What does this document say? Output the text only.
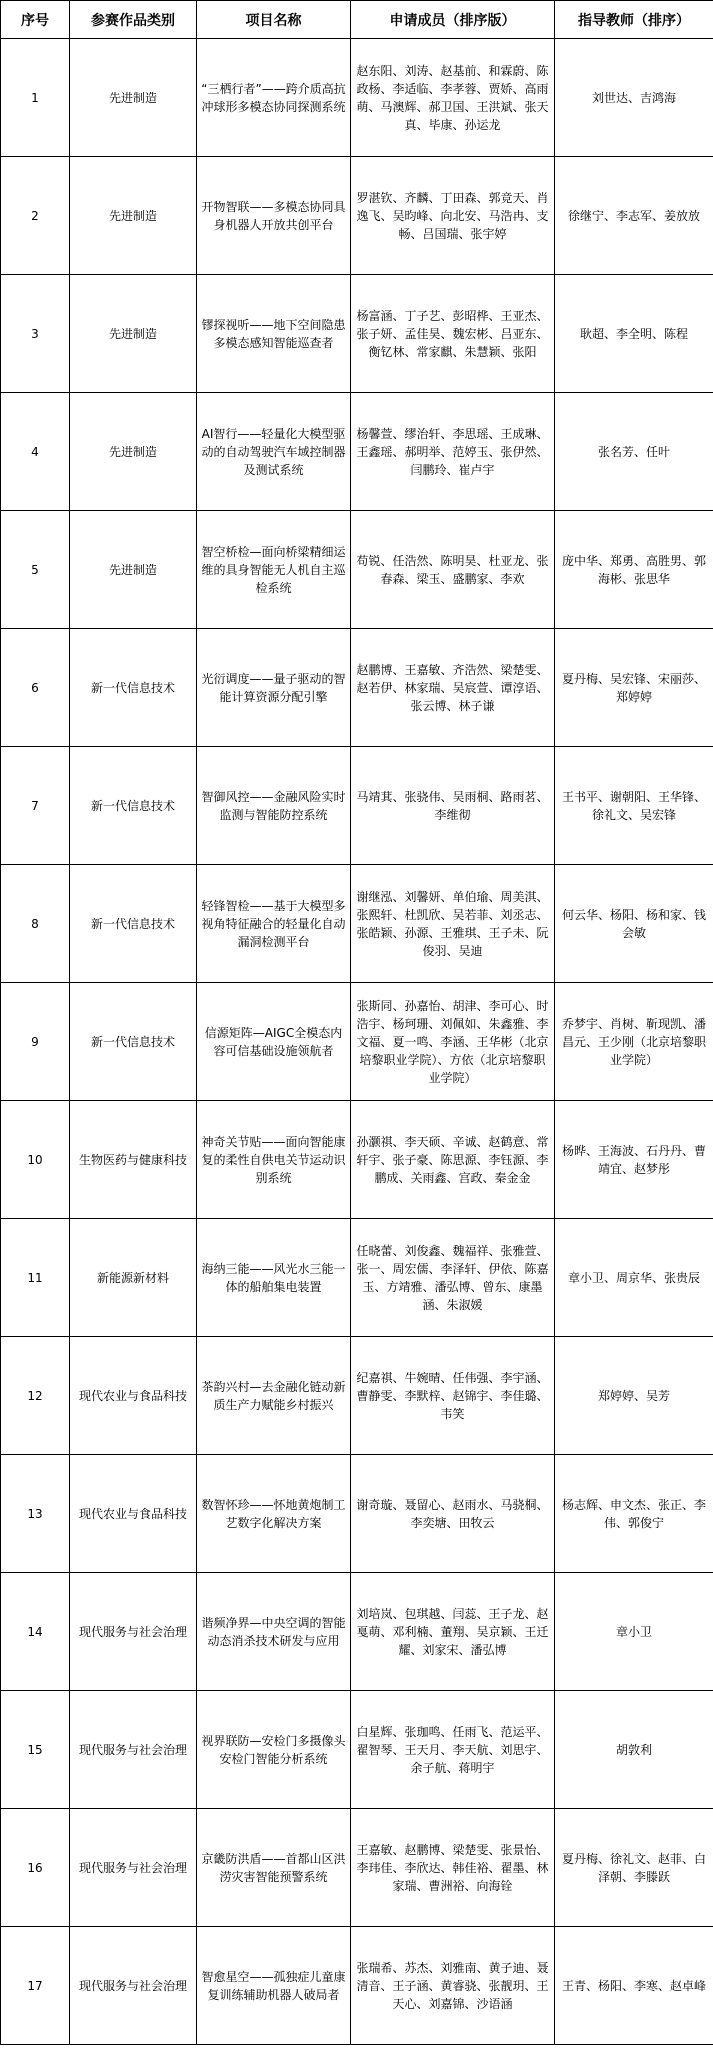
序号	参赛作品类别	项目名称	申请成员（排序版）	指导教师（排序）
1	先进制造	“三栖行者”——跨介质高抗冲球形多模态协同探测系统	赵东阳、刘涛、赵基前、和霖蔚、陈政杨、李适临、李孝蓉、贾娇、高雨萌、马澳辉、郝卫国、王洪斌、张天真、毕康、孙运龙	刘世达、吉鸿海
2	先进制造	开物智联——多模态协同具身机器人开放共创平台	罗湛钦、齐麟、丁田森、郭竞天、肖逸飞、吴昀峰、向北安、马浩冉、支畅、吕国瑞、张宇婷	徐继宁、李志军、姜放放
3	先进制造	镠探视听——地下空间隐患多模态感知智能巡查者	杨富涵、丁子艺、彭昭桦、王亚杰、张子妍、孟佳昊、魏宏彬、吕亚东、衡钇林、常家麒、朱慧颖、张阳	耿超、李全明、陈程
4	先进制造	AI智行——轻量化大模型驱动的自动驾驶汽车域控制器及测试系统	杨馨萱、缪治轩、李思瑶、王成琳、王鑫瑶、郝明举、范婷玉、张伊然、闫鹏玲、崔卢宇	张名芳、任叶
5	先进制造	智空桥检—面向桥梁精细运维的具身智能无人机自主巡检系统	苟锐、任浩然、陈明昊、杜亚龙、张春森、梁玉、盛鹏家、李欢	庞中华、郑勇、高胜男、郭海彬、张思华
6	新一代信息技术	光衍调度——量子驱动的智能计算资源分配引擎	赵鹏博、王嘉敏、齐浩然、梁楚雯、赵若伊、林家瑞、吴宸萱、谭淳语、张云博、林子谦	夏丹梅、吴宏锋、宋丽莎、郑婷婷
7	新一代信息技术	智御风控——金融风险实时监测与智能防控系统	马靖萁、张骁伟、吴雨桐、路雨茗、李维彻	王书平、谢朝阳、王华锋、徐礼文、吴宏锋
8	新一代信息技术	轻锋智检——基于大模型多视角特征融合的轻量化自动漏洞检测平台	谢继泓、刘馨妍、单伯瑜、周美淇、张熙轩、杜凯欣、吴若菲、刘丞志、张皓颖、孙源、王雅琪、王子未、阮俊羽、吴迪	何云华、杨阳、杨和家、钱会敏
9	新一代信息技术	信源矩阵—AIGC全模态内容可信基础设施领航者	张斯同、孙嘉怡、胡津、李可心、时浩宇、杨珂珊、刘佩如、朱鑫雅、李文福、夏一鸣、李涵、王华彬（北京培黎职业学院）、方依（北京培黎职业学院）	乔梦宇、肖树、靳现凯、潘昌元、王少刚（北京培黎职业学院）
10	生物医药与健康科技	神奇关节贴——面向智能康复的柔性自供电关节运动识别系统	孙灏祺、李天硕、辛诚、赵鹤意、常轩宇、张子豪、陈思源、李钰源、李鹏成、关雨鑫、宫政、秦金金	杨晔、王海波、石丹丹、曹靖宜、赵梦彤
11	新能源新材料	海纳三能——风光水三能一体的船舶集电装置	任晓蕾、刘俊鑫、魏福祥、张雅萱、张一、周宏儒、李泽轩、伊依、陈嘉玉、方靖雅、潘弘博、曾东、康墨涵、朱淑媛	章小卫、周京华、张贵辰
12	现代农业与食品科技	茶韵兴村—去金融化链动新质生产力赋能乡村振兴	纪嘉祺、牛婉晴、任伟强、李宇涵、曹静雯、李默梓、赵锦宇、李佳璐、韦笑	郑婷婷、吴芳
13	现代农业与食品科技	数智怀珍——怀地黄炮制工艺数字化解决方案	谢奇璇、聂留心、赵雨水、马骁桐、李奕塘、田牧云	杨志辉、申文杰、张正、李伟、郭俊宁
14	现代服务与社会治理	谐频净界—中央空调的智能动态消杀技术研发与应用	刘培岚、包琪越、闫蕊、王子龙、赵戛萌、邓利楠、董翔、吴京颖、王迁耀、刘家宋、潘弘博	章小卫
15	现代服务与社会治理	视界联防—安检门多摄像头安检门智能分析系统	白星辉、张珈鸣、任雨飞、范运平、翟智琴、王天月、李天航、刘思宇、余子航、蒋明宇	胡敦利
16	现代服务与社会治理	京畿防洪盾——首都山区洪涝灾害智能预警系统	王嘉敏、赵鹏博、梁楚雯、张景怡、李玮佳、李欣达、韩佳裕、翟墨、林家瑞、曹洲裕、向海铨	夏丹梅、徐礼文、赵菲、白泽朝、李滕跃
17	现代服务与社会治理	智愈星空——孤独症儿童康复训练辅助机器人破局者	张瑞希、苏杰、刘雅南、黄子迪、聂清音、王子涵、黄睿骁、张靓玥、王天心、刘嘉锦、沙语涵	王青、杨阳、李寒、赵卓峰
